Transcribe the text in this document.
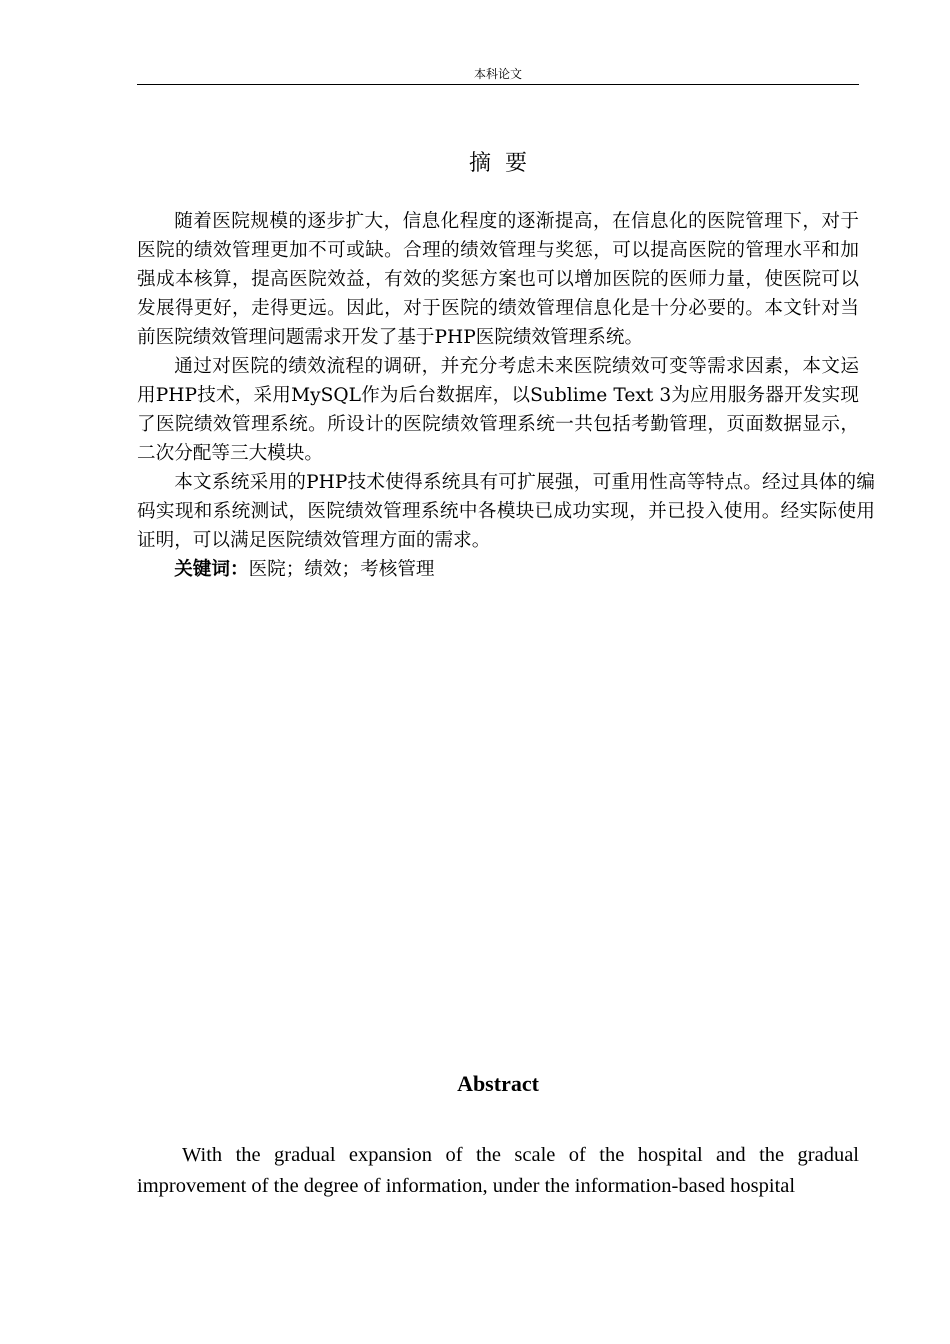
本科论文
摘要

随着医院规模的逐步扩大，信息化程度的逐渐提高，在信息化的医院管理下，对于医院的绩效管理更加不可或缺。合理的绩效管理与奖惩，可以提高医院的管理水平和加强成本核算，提高医院效益，有效的奖惩方案也可以增加医院的医师力量，使医院可以发展得更好，走得更远。因此，对于医院的绩效管理信息化是十分必要的。本文针对当前医院绩效管理问题需求开发了基于PHP医院绩效管理系统。

通过对医院的绩效流程的调研，并充分考虑未来医院绩效可变等需求因素，本文运用PHP技术，采用MySQL作为后台数据库，以Sublime Text 3为应用服务器开发实现了医院绩效管理系统。所设计的医院绩效管理系统一共包括考勤管理，页面数据显示，二次分配等三大模块。

本文系统采用的PHP技术使得系统具有可扩展强，可重用性高等特点。经过具体的编码实现和系统测试，医院绩效管理系统中各模块已成功实现，并已投入使用。经实际使用证明，可以满足医院绩效管理方面的需求。

关键词：医院；绩效；考核管理

Abstract

With the gradual expansion of the scale of the hospital and the gradual improvement of the degree of information, under the information-based hospital
